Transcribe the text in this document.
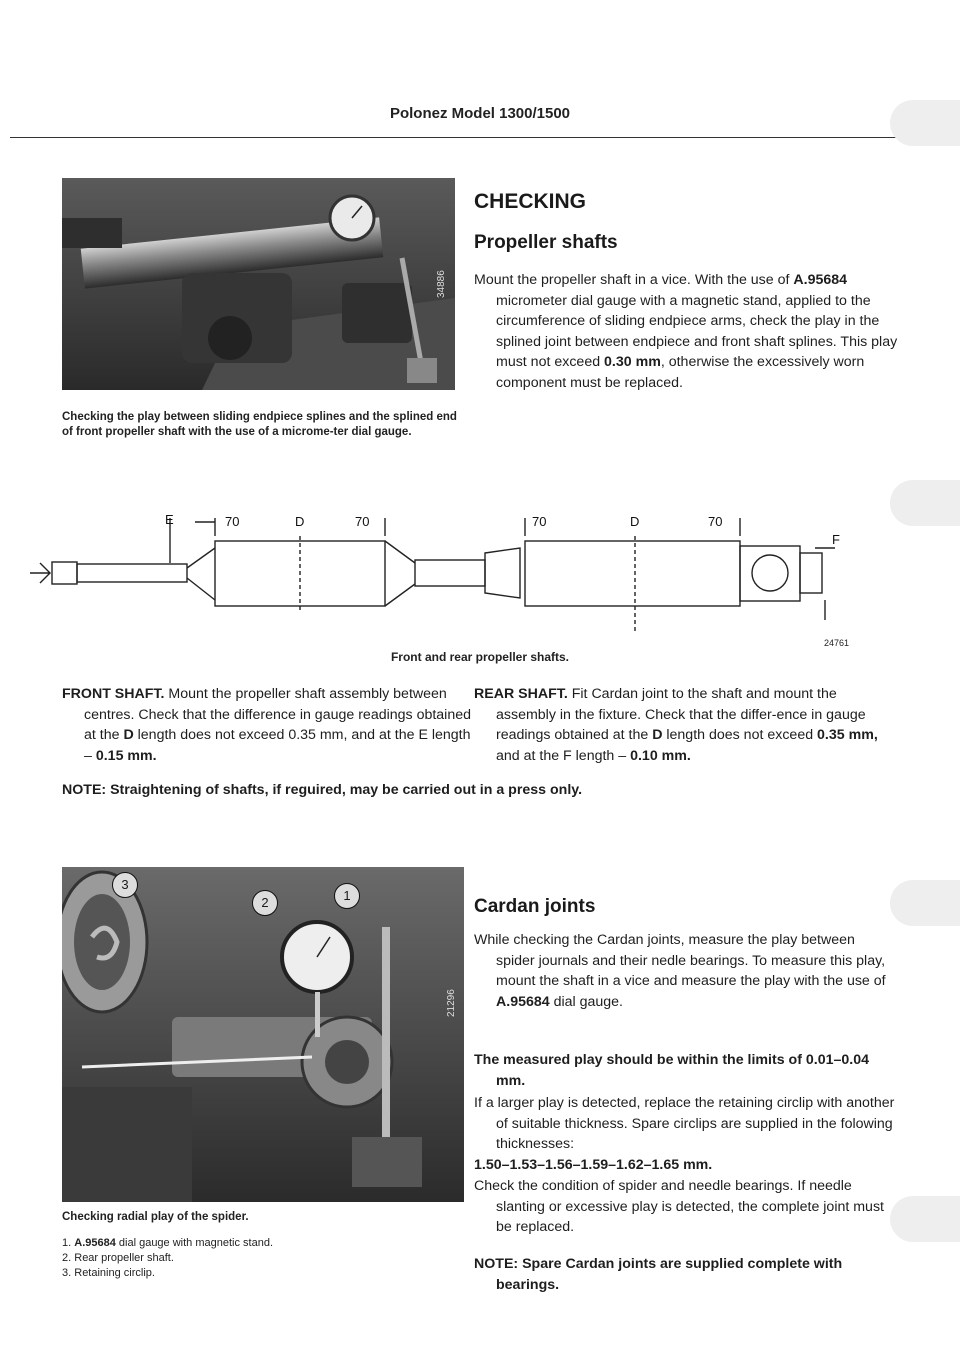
Polonez Model 1300/1500
34886
Checking the play between sliding endpiece splines and the splined end of front propeller shaft with the use of a microme-ter dial gauge.
CHECKING
Propeller shafts
Mount the propeller shaft in a vice. With the use of A.95684 micrometer dial gauge with a magnetic stand, applied to the circumference of sliding endpiece arms, check the play in the splined joint between endpiece and front shaft splines. This play must not exceed 0.30 mm, otherwise the excessively worn component must be replaced.
E	70	D	70	70	D	70
F
24761
Front and rear propeller shafts.
FRONT SHAFT. Mount the propeller shaft assembly between centres. Check that the difference in gauge readings obtained at the D length does not exceed 0.35 mm, and at the E length – 0.15 mm.
REAR SHAFT. Fit Cardan joint to the shaft and mount the assembly in the fixture. Check that the differ-ence in gauge readings obtained at the D length does not exceed 0.35 mm, and at the F length – 0.10 mm.
NOTE: Straightening of shafts, if reguired, may be carried out in a press only.
2	1
3
21296
Checking radial play of the spider.
1. A.95684 dial gauge with magnetic stand.
2. Rear propeller shaft.
3. Retaining circlip.
Cardan joints
While checking the Cardan joints, measure the play between spider journals and their nedle bearings. To measure this play, mount the shaft in a vice and measure the play with the use of A.95684 dial gauge.
The measured play should be within the limits of 0.01–0.04 mm.
If a larger play is detected, replace the retaining circlip with another of suitable thickness. Spare circlips are supplied in the folowing thicknesses:
1.50–1.53–1.56–1.59–1.62–1.65 mm.
Check the condition of spider and needle bearings. If needle slanting or excessive play is detected, the complete joint must be replaced.
NOTE: Spare Cardan joints are supplied complete with bearings.
